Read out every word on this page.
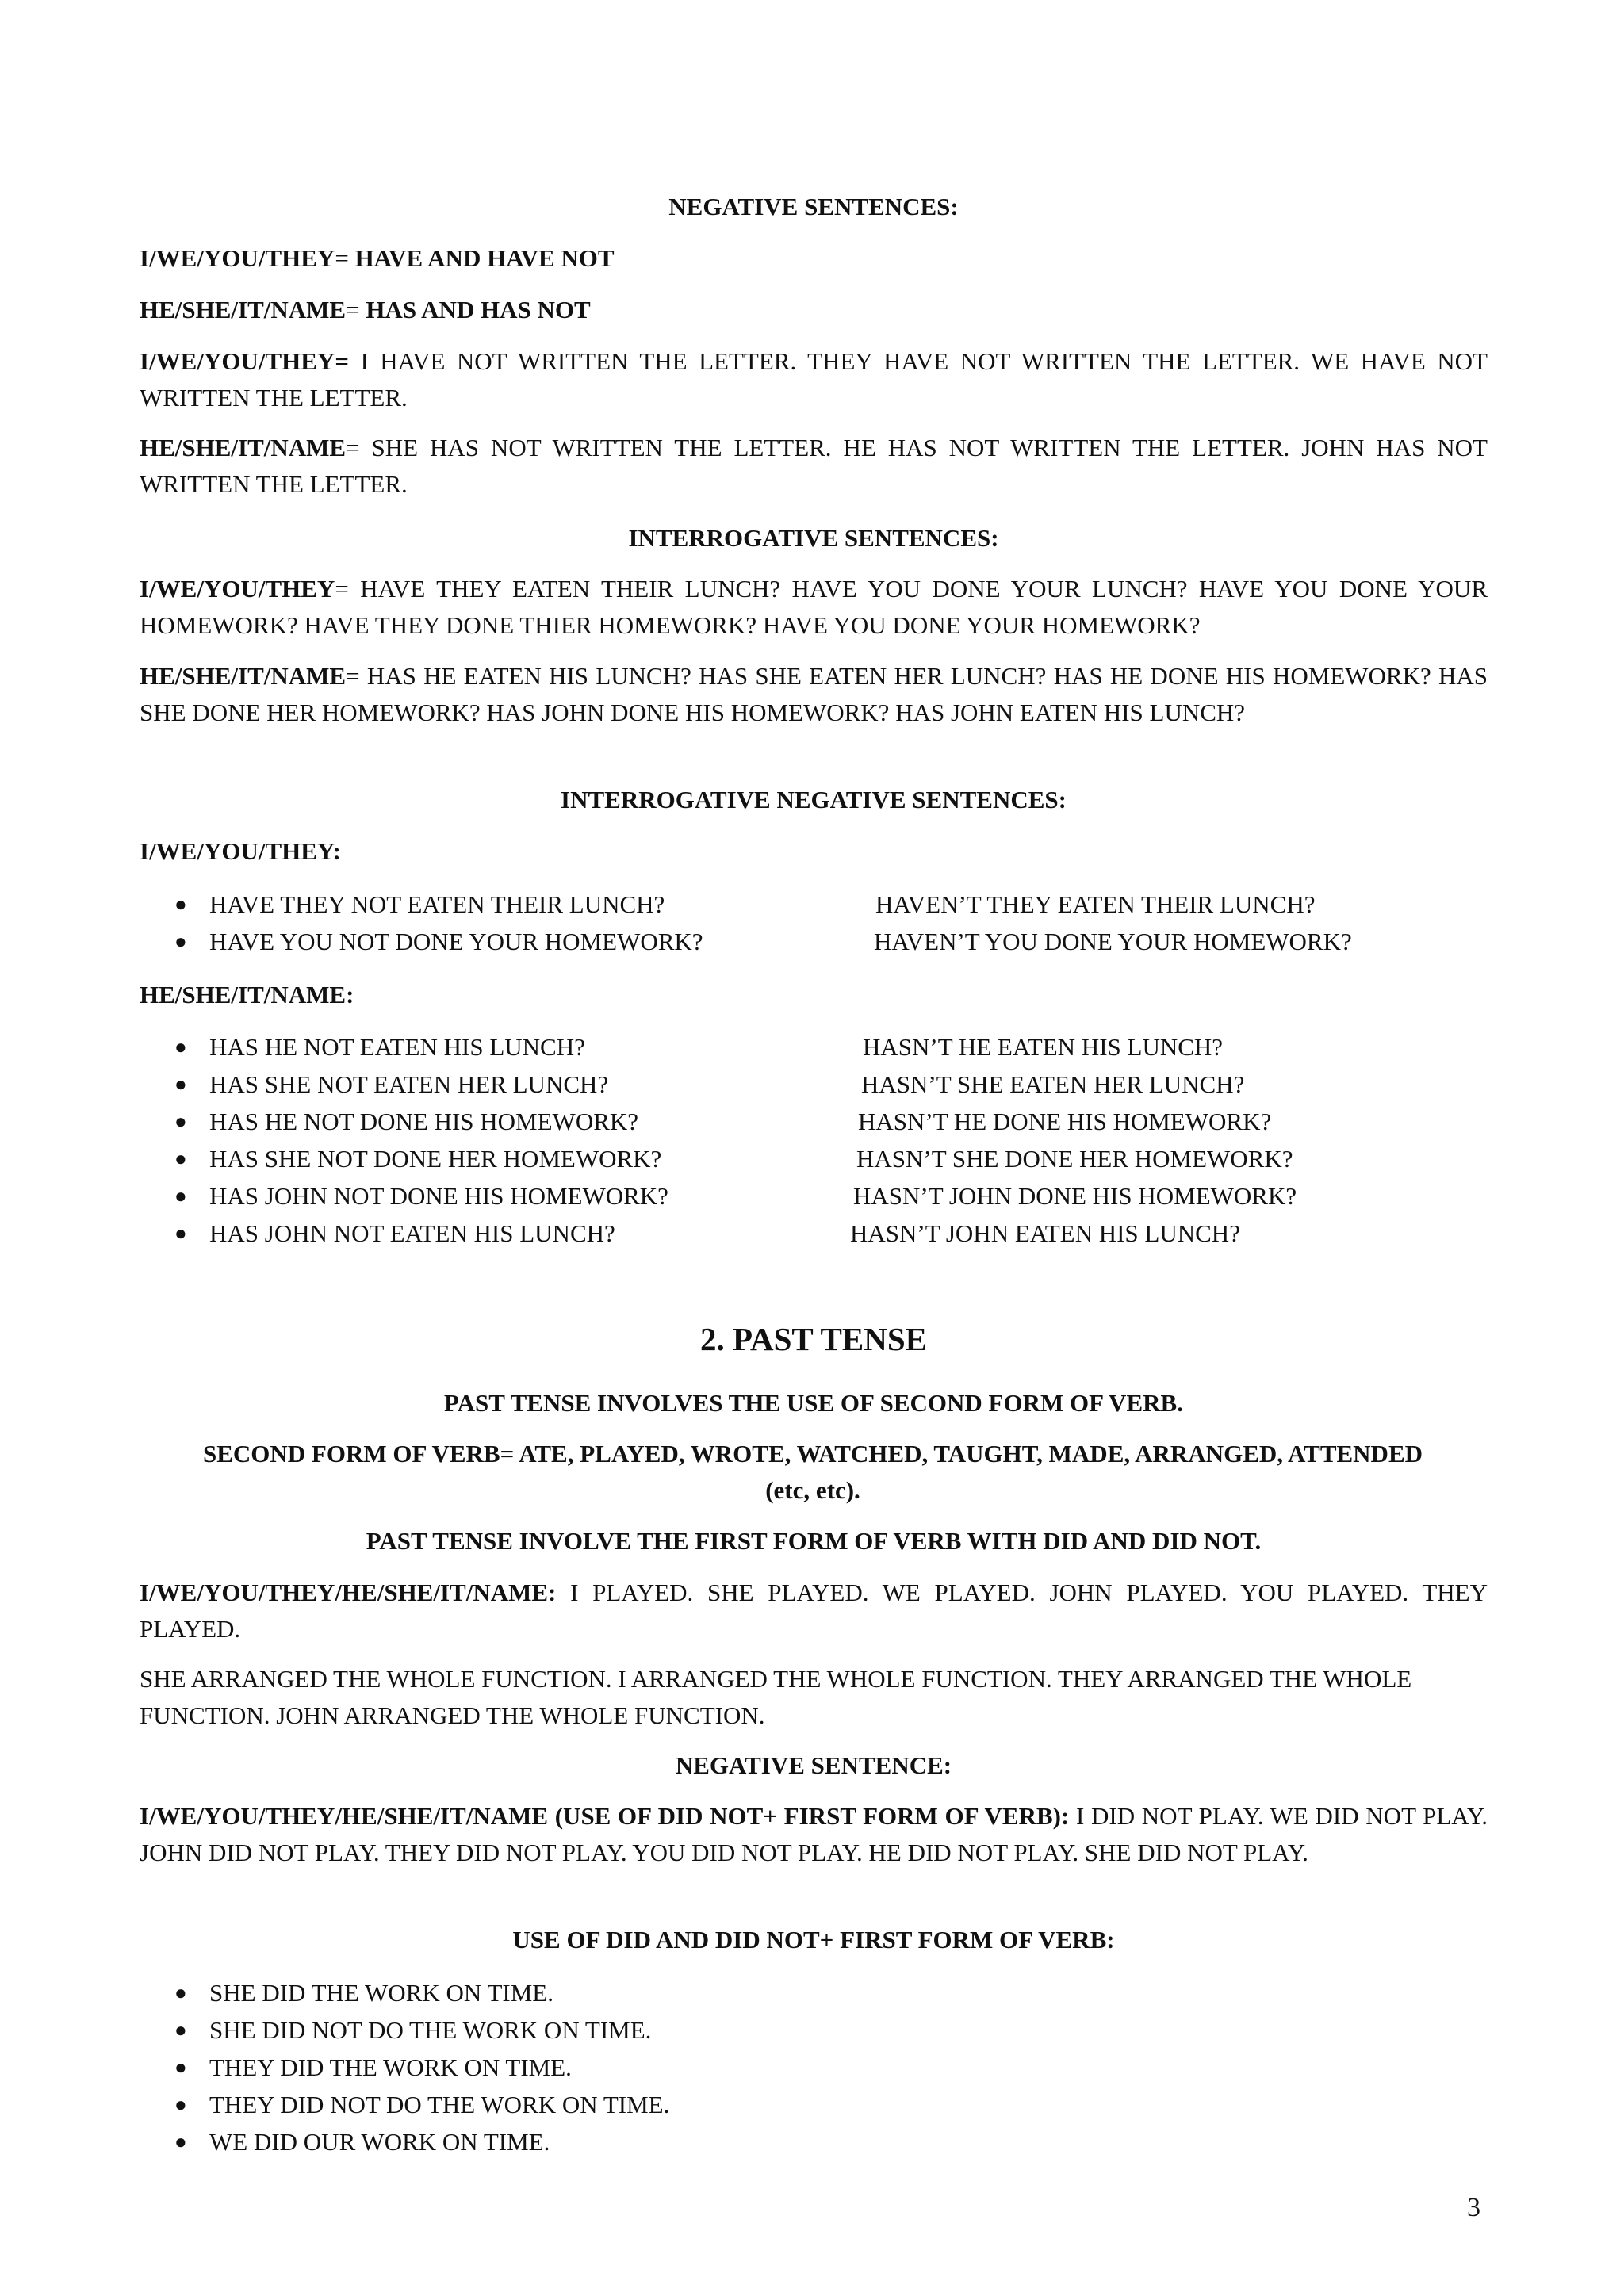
NEGATIVE SENTENCES:

I/WE/YOU/THEY= HAVE AND HAVE NOT

HE/SHE/IT/NAME= HAS AND HAS NOT

I/WE/YOU/THEY= I HAVE NOT WRITTEN THE LETTER. THEY HAVE NOT WRITTEN THE LETTER. WE HAVE NOT WRITTEN THE LETTER.

HE/SHE/IT/NAME= SHE HAS NOT WRITTEN THE LETTER. HE HAS NOT WRITTEN THE LETTER. JOHN HAS NOT WRITTEN THE LETTER.

INTERROGATIVE SENTENCES:

I/WE/YOU/THEY= HAVE THEY EATEN THEIR LUNCH? HAVE YOU DONE YOUR LUNCH? HAVE YOU DONE YOUR HOMEWORK? HAVE THEY DONE THIER HOMEWORK? HAVE YOU DONE YOUR HOMEWORK?

HE/SHE/IT/NAME= HAS HE EATEN HIS LUNCH? HAS SHE EATEN HER LUNCH? HAS HE DONE HIS HOMEWORK? HAS SHE DONE HER HOMEWORK? HAS JOHN DONE HIS HOMEWORK? HAS JOHN EATEN HIS LUNCH?

INTERROGATIVE NEGATIVE SENTENCES:

I/WE/YOU/THEY:

● HAVE THEY NOT EATEN THEIR LUNCH?	HAVEN’T THEY EATEN THEIR LUNCH?
● HAVE YOU NOT DONE YOUR HOMEWORK?	HAVEN’T YOU DONE YOUR HOMEWORK?

HE/SHE/IT/NAME:

● HAS HE NOT EATEN HIS LUNCH?	HASN’T HE EATEN HIS LUNCH?
● HAS SHE NOT EATEN HER LUNCH?	HASN’T SHE EATEN HER LUNCH?
● HAS HE NOT DONE HIS HOMEWORK?	HASN’T HE DONE HIS HOMEWORK?
● HAS SHE NOT DONE HER HOMEWORK?	HASN’T SHE DONE HER HOMEWORK?
● HAS JOHN NOT DONE HIS HOMEWORK?	HASN’T JOHN DONE HIS HOMEWORK?
● HAS JOHN NOT EATEN HIS LUNCH?	HASN’T JOHN EATEN HIS LUNCH?

2. PAST TENSE

PAST TENSE INVOLVES THE USE OF SECOND FORM OF VERB.

SECOND FORM OF VERB= ATE, PLAYED, WROTE, WATCHED, TAUGHT, MADE, ARRANGED, ATTENDED (etc, etc).

PAST TENSE INVOLVE THE FIRST FORM OF VERB WITH DID AND DID NOT.

I/WE/YOU/THEY/HE/SHE/IT/NAME: I PLAYED. SHE PLAYED. WE PLAYED. JOHN PLAYED. YOU PLAYED. THEY PLAYED.

SHE ARRANGED THE WHOLE FUNCTION. I ARRANGED THE WHOLE FUNCTION. THEY ARRANGED THE WHOLE FUNCTION. JOHN ARRANGED THE WHOLE FUNCTION.

NEGATIVE SENTENCE:

I/WE/YOU/THEY/HE/SHE/IT/NAME (USE OF DID NOT+ FIRST FORM OF VERB): I DID NOT PLAY. WE DID NOT PLAY. JOHN DID NOT PLAY. THEY DID NOT PLAY. YOU DID NOT PLAY. HE DID NOT PLAY. SHE DID NOT PLAY.

USE OF DID AND DID NOT+ FIRST FORM OF VERB:

● SHE DID THE WORK ON TIME.
● SHE DID NOT DO THE WORK ON TIME.
● THEY DID THE WORK ON TIME.
● THEY DID NOT DO THE WORK ON TIME.
● WE DID OUR WORK ON TIME.
3
